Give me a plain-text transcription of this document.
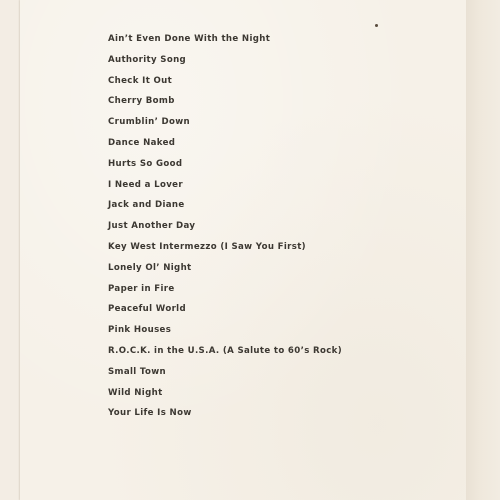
Ain’t Even Done With the Night
Authority Song
Check It Out
Cherry Bomb
Crumblin’ Down
Dance Naked
Hurts So Good
I Need a Lover
Jack and Diane
Just Another Day
Key West Intermezzo (I Saw You First)
Lonely Ol’ Night
Paper in Fire
Peaceful World
Pink Houses
R.O.C.K. in the U.S.A. (A Salute to 60’s Rock)
Small Town
Wild Night
Your Life Is Now
